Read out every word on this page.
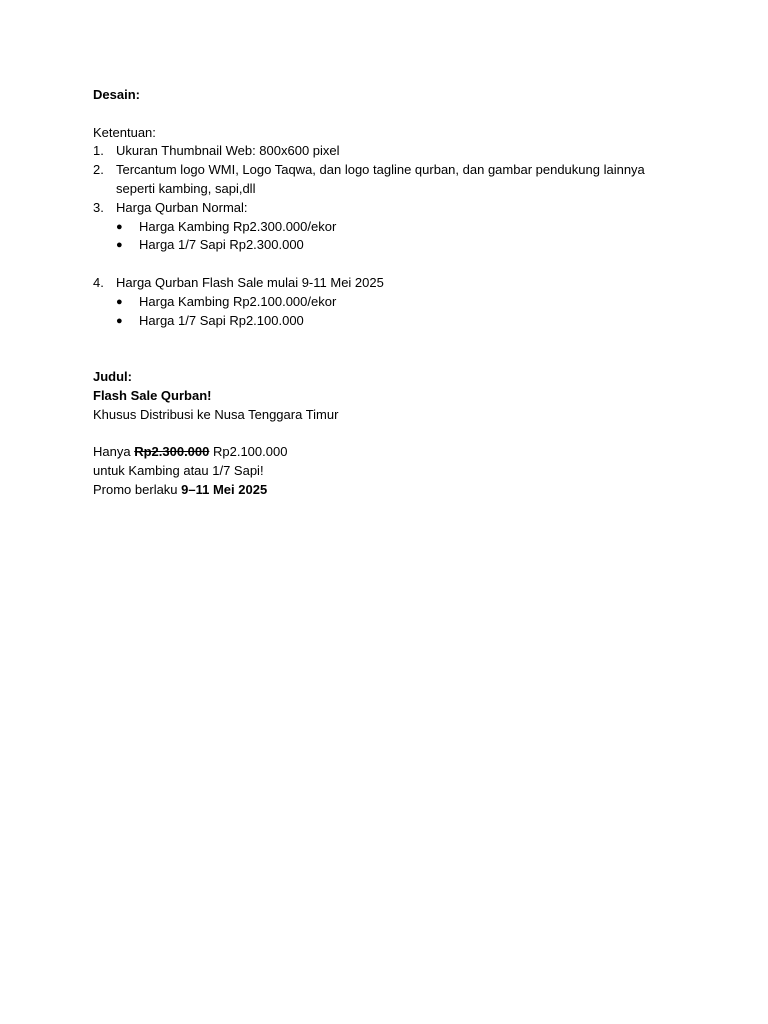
Desain:

Ketentuan:

1. Ukuran Thumbnail Web: 800x600 pixel
2. Tercantum logo WMI, Logo Taqwa, dan logo tagline qurban, dan gambar pendukung lainnya seperti kambing, sapi,dll
3. Harga Qurban Normal:
● Harga Kambing Rp2.300.000/ekor
● Harga 1/7 Sapi Rp2.300.000
4. Harga Qurban Flash Sale mulai 9-11 Mei 2025
● Harga Kambing Rp2.100.000/ekor
● Harga 1/7 Sapi Rp2.100.000

Judul:

Flash Sale Qurban!

Khusus Distribusi ke Nusa Tenggara Timur

Hanya Rp2.300.000 Rp2.100.000

untuk Kambing atau 1/7 Sapi!

Promo berlaku 9–11 Mei 2025
